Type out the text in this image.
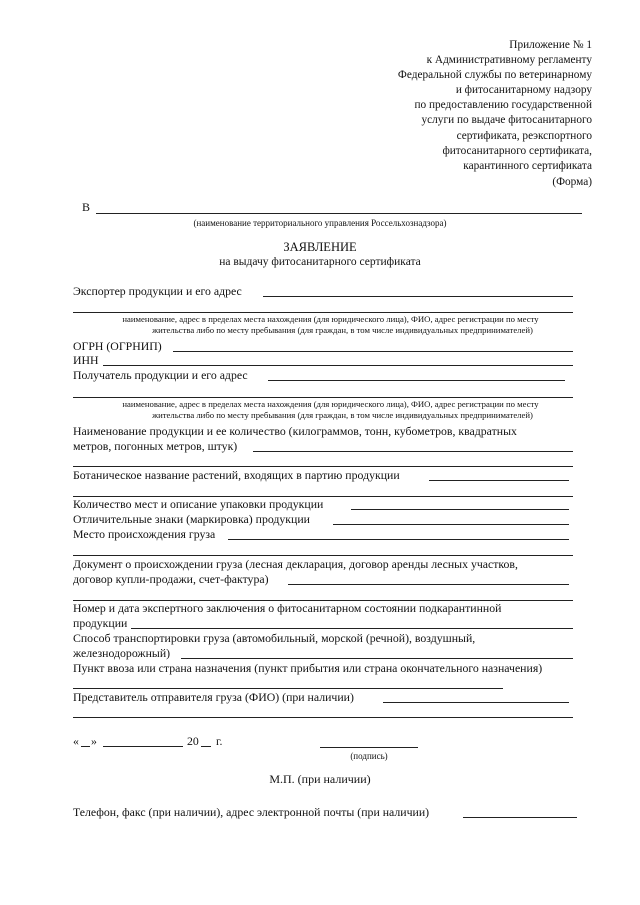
Приложение № 1
к Административному регламенту
Федеральной службы по ветеринарному
и фитосанитарному надзору
по предоставлению государственной
услуги по выдаче фитосанитарного
сертификата, реэкспортного
фитосанитарного сертификата,
карантинного сертификата
(Форма)
В
(наименование территориального управления Россельхознадзора)
ЗАЯВЛЕНИЕ
на выдачу фитосанитарного сертификата
Экспортер продукции и его адрес
наименование, адрес в пределах места нахождения (для юридического лица), ФИО, адрес регистрации по месту
жительства либо по месту пребывания (для граждан, в том числе индивидуальных предпринимателей)
ОГРН (ОГРНИП)
ИНН
Получатель продукции и его адрес
наименование, адрес в пределах места нахождения (для юридического лица), ФИО, адрес регистрации по месту
жительства либо по месту пребывания (для граждан, в том числе индивидуальных предпринимателей)
Наименование продукции и ее количество (килограммов, тонн, кубометров, квадратных
метров, погонных метров, штук)
Ботаническое название растений, входящих в партию продукции
Количество мест и описание упаковки продукции
Отличительные знаки (маркировка) продукции
Место происхождения груза
Документ о происхождении груза (лесная декларация, договор аренды лесных участков,
договор купли-продажи, счет-фактура)
Номер и дата экспертного заключения о фитосанитарном состоянии подкарантинной
продукции
Способ транспортировки груза (автомобильный, морской (речной), воздушный,
железнодорожный)
Пункт ввоза или страна назначения (пункт прибытия или страна окончательного назначения)
Представитель отправителя груза (ФИО) (при наличии)
« »	20 г.
(подпись)
М.П. (при наличии)
Телефон, факс (при наличии), адрес электронной почты (при наличии)
